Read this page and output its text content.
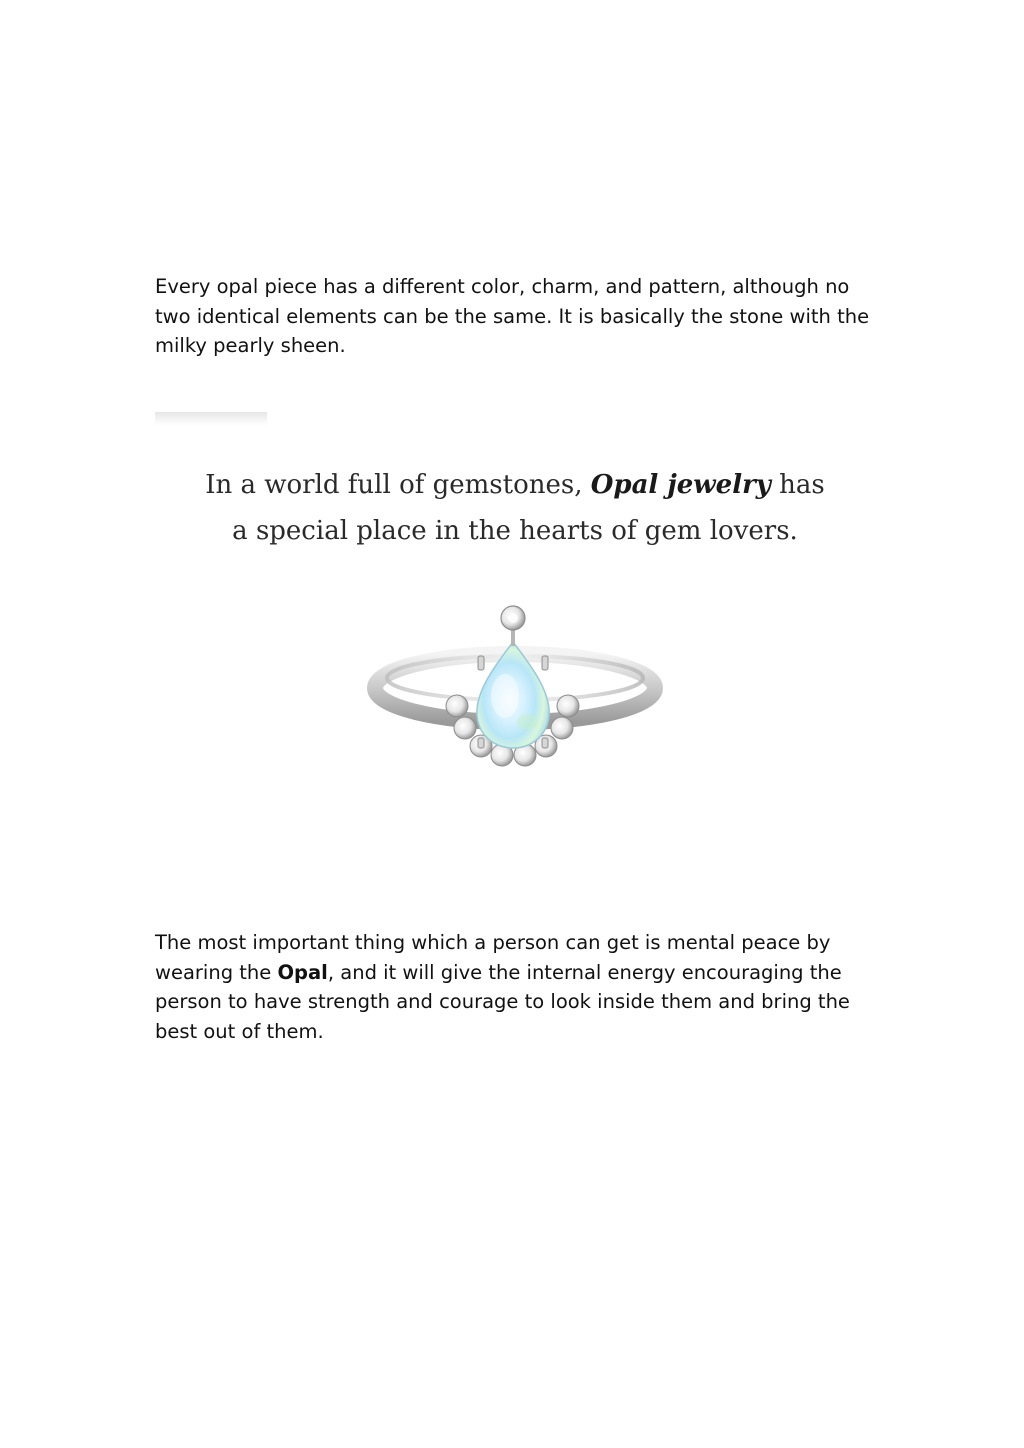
Every opal piece has a different color, charm, and pattern, although no two identical elements can be the same. It is basically the stone with the milky pearly sheen.

In a world full of gemstones, Opal jewelry has
a special place in the hearts of gem lovers.

The most important thing which a person can get is mental peace by wearing the Opal, and it will give the internal energy encouraging the person to have strength and courage to look inside them and bring the best out of them.
